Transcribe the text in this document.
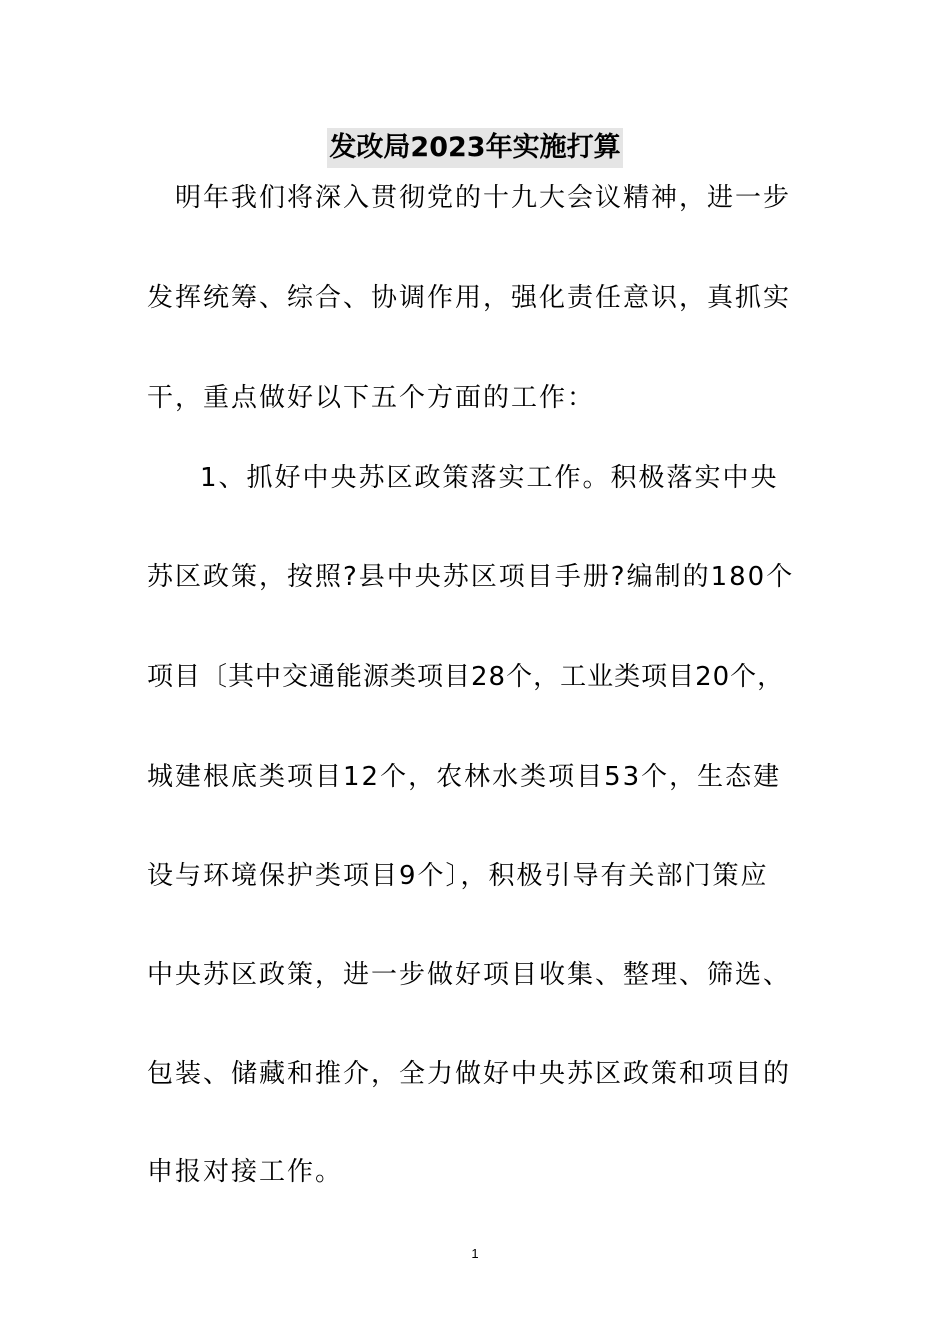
发改局2023年实施打算
明年我们将深入贯彻党的十九大会议精神，进一步
发挥统筹、综合、协调作用，强化责任意识，真抓实
干，重点做好以下五个方面的工作：
1、抓好中央苏区政策落实工作。积极落实中央
苏区政策，按照?县中央苏区项目手册?编制的180个
项目〔其中交通能源类项目28个，工业类项目20个，
城建根底类项目12个，农林水类项目53个，生态建
设与环境保护类项目9个〕，积极引导有关部门策应
中央苏区政策，进一步做好项目收集、整理、筛选、
包装、储藏和推介，全力做好中央苏区政策和项目的
申报对接工作。
1
